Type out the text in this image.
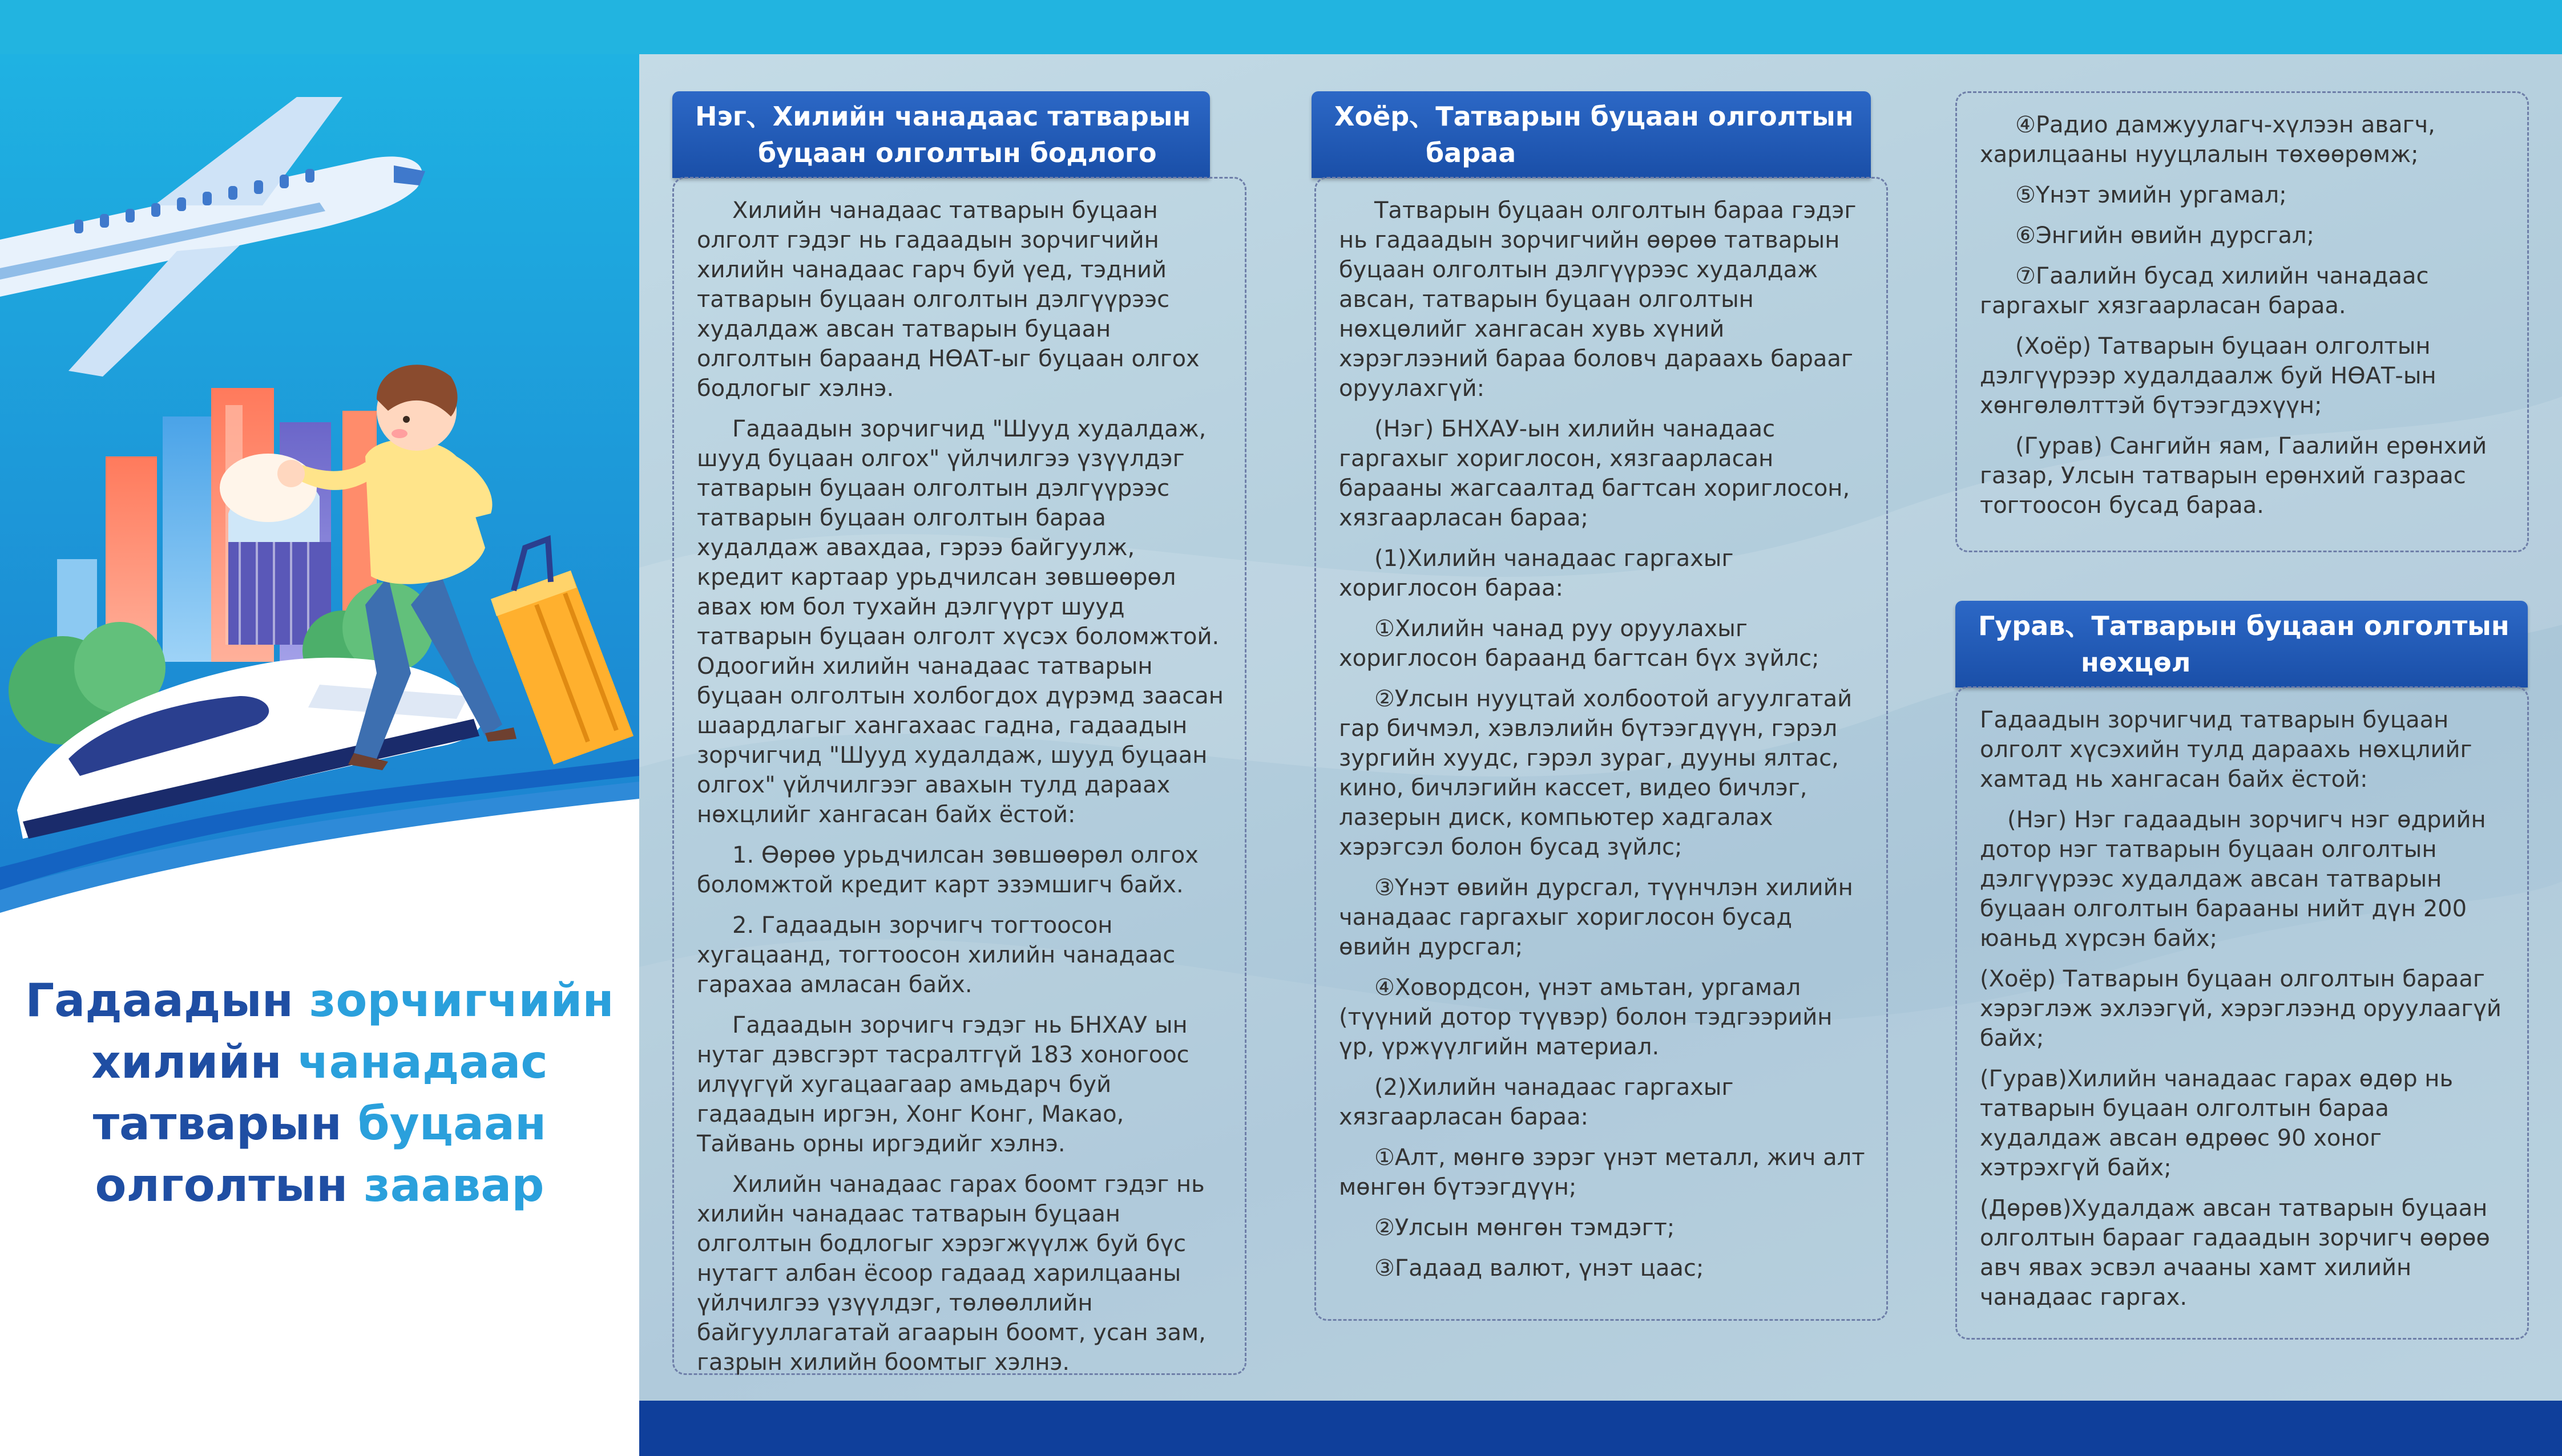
Гадаадын зорчигчийн
хилийн чанадаас
татварын буцаан
олголтын заавар
Нэг、Хилийн чанадаас татварын
буцаан олголтын бодлого

Хилийн чанадаас татварын буцаан олголт гэдэг нь гадаадын зорчигчийн хилийн чанадаас гарч буй үед, тэдний татварын буцаан олголтын дэлгүүрээс худалдаж авсан татварын буцаан олголтын бараанд НӨАТ-ыг буцаан олгох бодлогыг хэлнэ.

Гадаадын зорчигчид "Шууд худалдаж, шууд буцаан олгох" үйлчилгээ үзүүлдэг татварын буцаан олголтын дэлгүүрээс татварын буцаан олголтын бараа худалдаж авахдаа, гэрээ байгуулж, кредит картаар урьдчилсан зөвшөөрөл авах юм бол тухайн дэлгүүрт шууд татварын буцаан олголт хүсэх боломжтой. Одоогийн хилийн чанадаас татварын буцаан олголтын холбогдох дүрэмд заасан шаардлагыг хангахаас гадна, гадаадын зорчигчид "Шууд худалдаж, шууд буцаан олгох" үйлчилгээг авахын тулд дараах нөхцлийг хангасан байх ёстой:

1. Өөрөө урьдчилсан зөвшөөрөл олгох боломжтой кредит карт эзэмшигч байх.

2. Гадаадын зорчигч тогтоосон хугацаанд, тогтоосон хилийн чанадаас гарахаа амласан байх.

Гадаадын зорчигч гэдэг нь БНХАУ ын нутаг дэвсгэрт тасралтгүй 183 хоногоос илүүгүй хугацаагаар амьдарч буй гадаадын иргэн, Хонг Конг, Макао, Тайвань орны иргэдийг хэлнэ.

Хилийн чанадаас гарах боомт гэдэг нь хилийн чанадаас татварын буцаан олголтын бодлогыг хэрэгжүүлж буй бүс нутагт албан ёсоор гадаад харилцааны үйлчилгээ үзүүлдэг, төлөөллийн байгууллагатай агаарын боомт, усан зам, газрын хилийн боомтыг хэлнэ.

Хоёр、Татварын буцаан олголтын
бараа

Татварын буцаан олголтын бараа гэдэг нь гадаадын зорчигчийн өөрөө татварын буцаан олголтын дэлгүүрээс худалдаж авсан, татварын буцаан олголтын нөхцөлийг хангасан хувь хүний хэрэглээний бараа боловч дараахь барааг оруулахгүй:

(Нэг) БНХАУ-ын хилийн чанадаас гаргахыг хориглосон, хязгаарласан барааны жагсаалтад багтсан хориглосон, хязгаарласан бараа;

(1)Хилийн чанадаас гаргахыг хориглосон бараа:

①Хилийн чанад руу оруулахыг хориглосон бараанд багтсан бүх зүйлс;

②Улсын нууцтай холбоотой агуулгатай гар бичмэл, хэвлэлийн бүтээгдүүн, гэрэл зургийн хуудс, гэрэл зураг, дууны ялтас, кино, бичлэгийн кассет, видео бичлэг, лазерын диск, компьютер хадгалах хэрэгсэл болон бусад зүйлс;

③Үнэт өвийн дурсгал, түүнчлэн хилийн чанадаас гаргахыг хориглосон бусад өвийн дурсгал;

④Ховордсон, үнэт амьтан, ургамал (түүний дотор түүвэр) болон тэдгээрийн үр, үржүүлгийн материал.

(2)Хилийн чанадаас гаргахыг хязгаарласан бараа:

①Алт, мөнгө зэрэг үнэт металл, жич алт мөнгөн бүтээгдүүн;

②Улсын мөнгөн тэмдэгт;

③Гадаад валют, үнэт цаас;

④Радио дамжуулагч-хүлээн авагч, харилцааны нууцлалын төхөөрөмж;

⑤Үнэт эмийн ургамал;

⑥Энгийн өвийн дурсгал;

⑦Гаалийн бусад хилийн чанадаас гаргахыг хязгаарласан бараа.

(Хоёр) Татварын буцаан олголтын дэлгүүрээр худалдаалж буй НӨАТ-ын хөнгөлөлттэй бүтээгдэхүүн;

(Гурав) Сангийн яам, Гаалийн ерөнхий газар, Улсын татварын ерөнхий газраас тогтоосон бусад бараа.

Гурав、Татварын буцаан олголтын
нөхцөл

Гадаадын зорчигчид татварын буцаан олголт хүсэхийн тулд дараахь нөхцлийг хамтад нь хангасан байх ёстой:

(Нэг) Нэг гадаадын зорчигч нэг өдрийн дотор нэг татварын буцаан олголтын дэлгүүрээс худалдаж авсан татварын буцаан олголтын барааны нийт дүн 200 юаньд хүрсэн байх;

(Хоёр) Татварын буцаан олголтын барааг хэрэглэж эхлээгүй, хэрэглээнд оруулаагүй байх;

(Гурав)Хилийн чанадаас гарах өдөр нь татварын буцаан олголтын бараа худалдаж авсан өдрөөс 90 хоног хэтрэхгүй байх;

(Дөрөв)Худалдаж авсан татварын буцаан олголтын барааг гадаадын зорчигч өөрөө авч явах эсвэл ачааны хамт хилийн чанадаас гаргах.
